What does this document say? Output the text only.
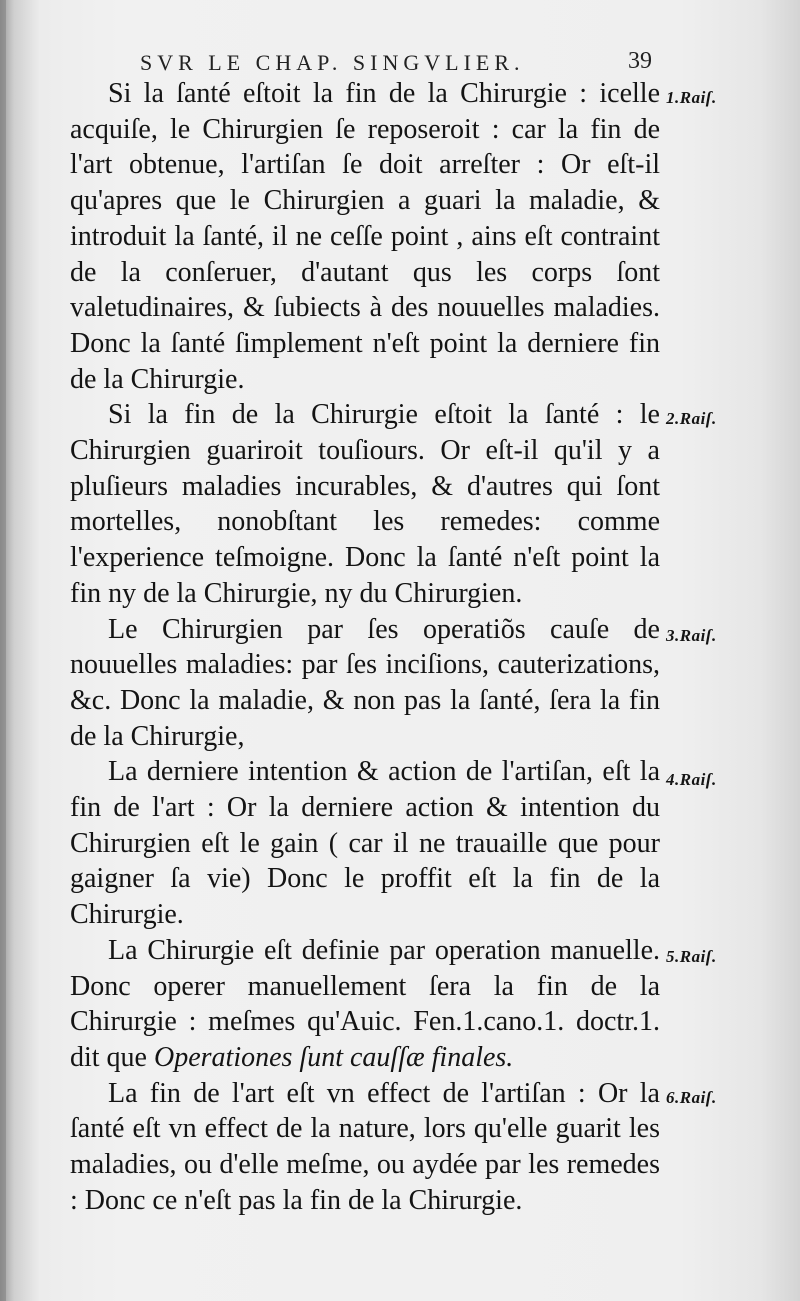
SVR LE CHAP. SINGVLIER.	39

1.Raiſ.
Si la ſanté eſtoit la fin de la Chirurgie : icelle acquiſe, le Chirurgien ſe reposeroit : car la fin de l'art obtenue, l'artiſan ſe doit arreſter : Or eſt-il qu'apres que le Chirurgien a guari la maladie, & introduit la ſanté, il ne ceſſe point , ains eſt contraint de la conſeruer, d'autant qus les corps ſont valetudinaires, & ſubiects à des nouuelles maladies. Donc la ſanté ſimplement n'eſt point la derniere fin de la Chirurgie.

2.Raiſ.
Si la fin de la Chirurgie eſtoit la ſanté : le Chirurgien guariroit touſiours. Or eſt-il qu'il y a pluſieurs maladies incurables, & d'autres qui ſont mortelles, nonobſtant les remedes: comme l'experience teſmoigne. Donc la ſanté n'eſt point la fin ny de la Chirurgie, ny du Chirurgien.

3.Raiſ.
Le Chirurgien par ſes operatiõs cauſe de nouuelles maladies: par ſes inciſions, cauterizations, &c. Donc la maladie, & non pas la ſanté, ſera la fin de la Chirurgie,

4.Raiſ.
La derniere intention & action de l'artiſan, eſt la fin de l'art : Or la derniere action & intention du Chirurgien eſt le gain ( car il ne trauaille que pour gaigner ſa vie) Donc le proffit eſt la fin de la Chirurgie.

5.Raiſ.
La Chirurgie eſt definie par operation manuelle. Donc operer manuellement ſera la fin de la Chirurgie : meſmes qu'Auic. Fen.1.cano.1. doctr.1. dit que Operationes ſunt cauſſæ finales.

6.Raiſ.
La fin de l'art eſt vn effect de l'artiſan : Or la ſanté eſt vn effect de la nature, lors qu'elle guarit les maladies, ou d'elle meſme, ou aydée par les remedes : Donc ce n'eſt pas la fin de la Chirurgie.
